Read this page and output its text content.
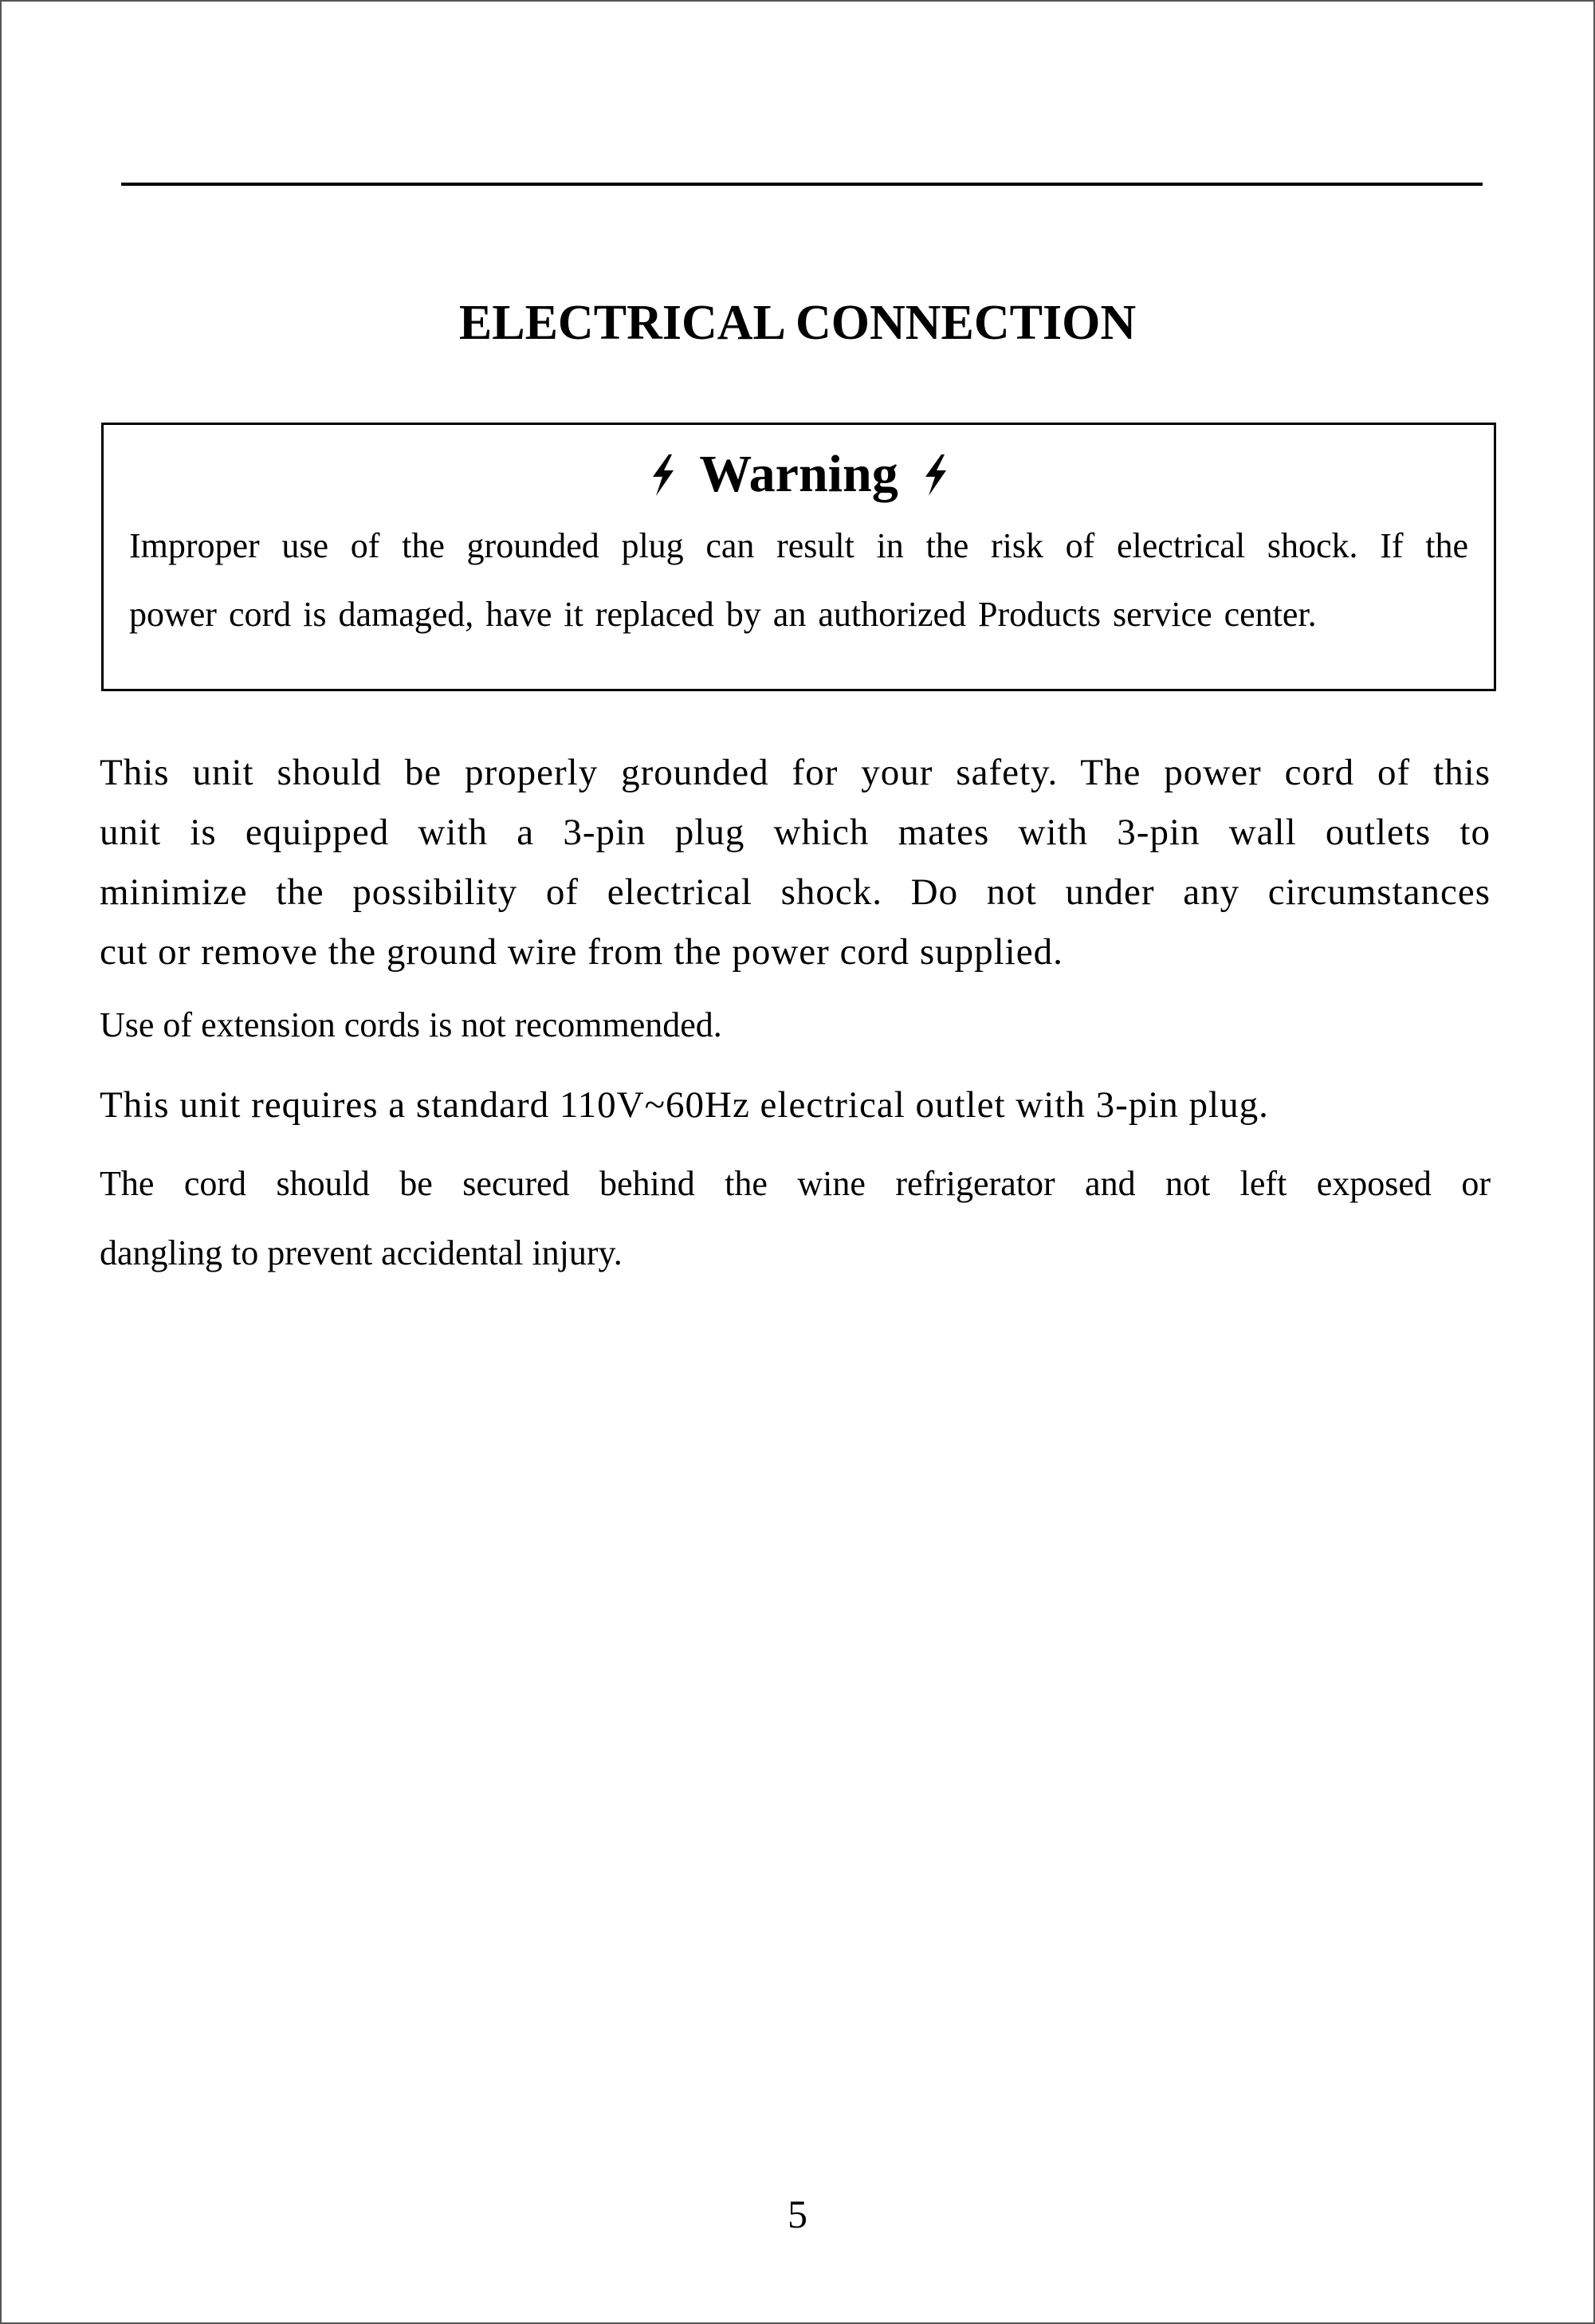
ELECTRICAL CONNECTION
Warning
Improper use of the grounded plug can result in the risk of electrical shock. If the
power cord is damaged, have it replaced by an authorized Products service center.
This unit should be properly grounded for your safety. The power cord of this
unit is equipped with a 3-pin plug which mates with 3-pin wall outlets to
minimize the possibility of electrical shock. Do not under any circumstances
cut or remove the ground wire from the power cord supplied.
Use of extension cords is not recommended.
This unit requires a standard 110V~60Hz electrical outlet with 3-pin plug.
The cord should be secured behind the wine refrigerator and not left exposed or
dangling to prevent accidental injury.
5
